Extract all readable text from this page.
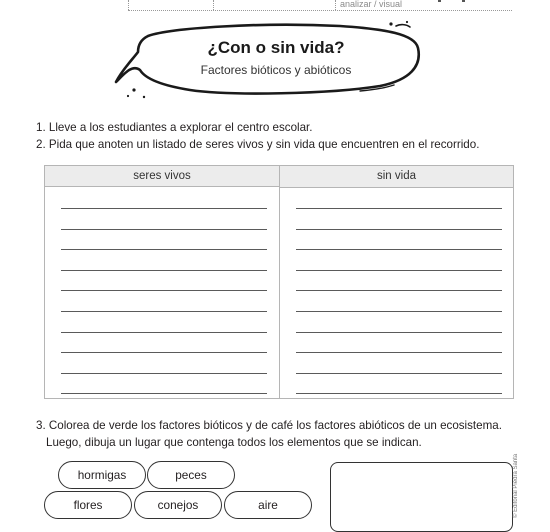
analizar / visual
¿Con o sin vida?
Factores bióticos y abióticos
1. Lleve a los estudiantes a explorar el centro escolar.
2. Pida que anoten un listado de seres vivos y sin vida que encuentren en el recorrido.
seres vivos	sin vida
3. Colorea de verde los factores bióticos y de café los factores abióticos de un ecosistema.
Luego, dibuja un lugar que contenga todos los elementos que se indican.
hormigas	peces
flores	conejos	aire	© Editorial Piedra Santa
